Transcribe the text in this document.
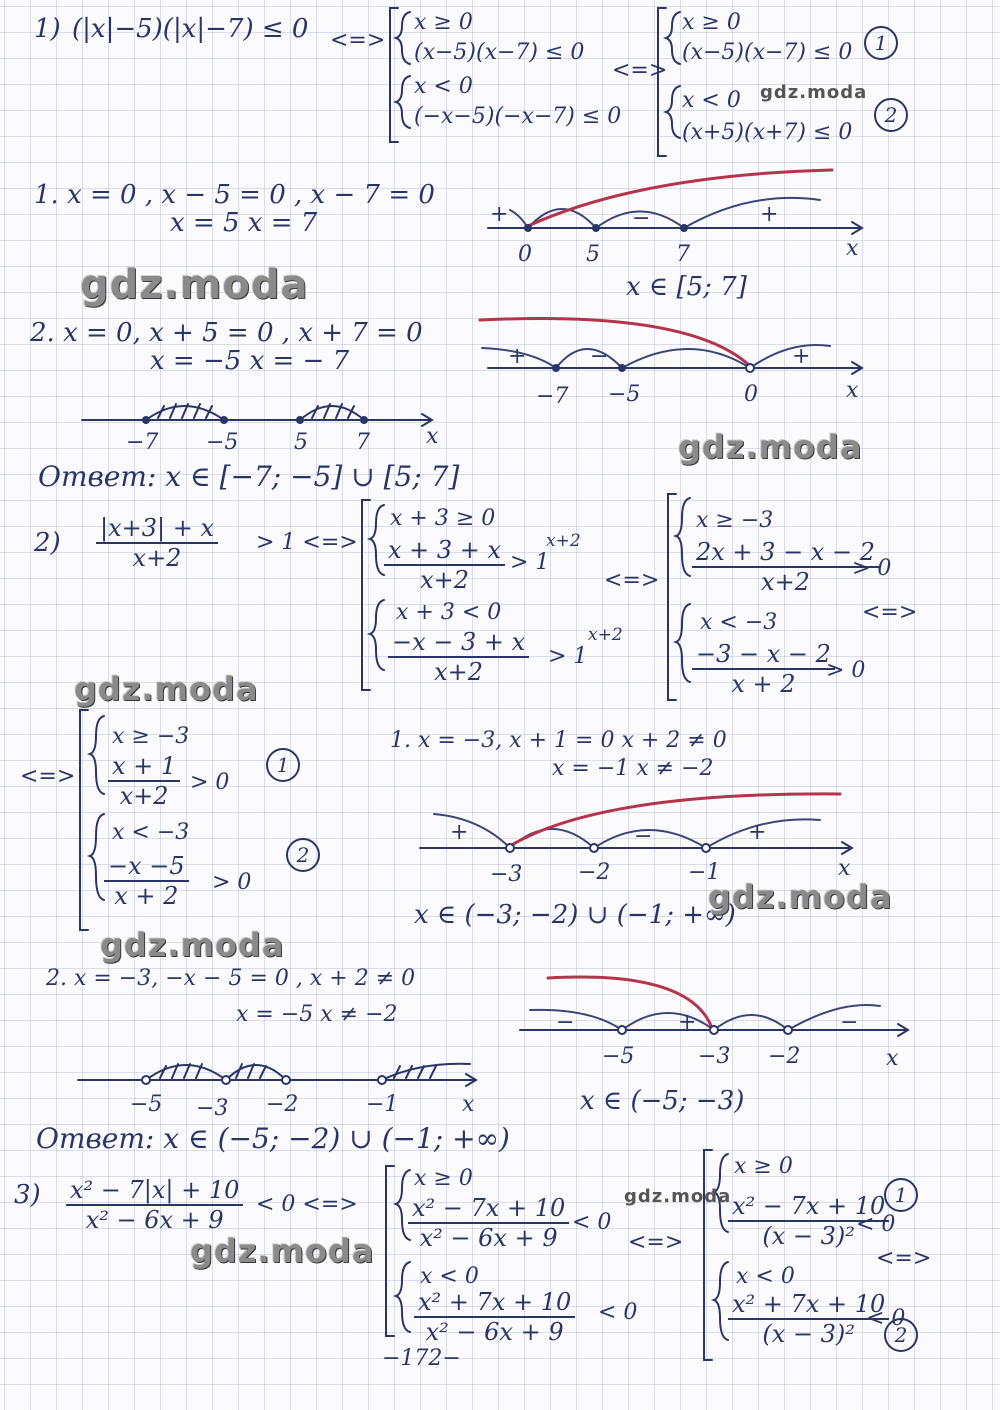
1) (|x|−5)(|x|−7) ≤ 0 <=>
x ≥ 0
(x−5)(x−7) ≤ 0
x < 0
(−x−5)(−x−7) ≤ 0
<=>
x ≥ 0
(x−5)(x−7) ≤ 0
x < 0
(x+5)(x+7) ≤ 0
1
2
gdz.moda
1. x = 0 , x − 5 = 0 , x − 7 = 0
x = 5 x = 7	+	−	+
0 5	7	x
x ∈ [5; 7]
gdz.moda
2. x = 0, x + 5 = 0 , x + 7 = 0
x = −5 x = − 7	+	−	+
−7 −5	0	x
−7 −5	5 7	x	gdz.moda
Ответ: x ∈ [−7; −5] ∪ [5; 7]
$2) \frac{|x+3| + x}{x+2} > 1$ <=>
x + 3 ≥ 0
$\frac{x + 3 + x}{x+2} > 1$
x+2
x + 3 < 0
$\frac{-x - 3 + x}{x+2} > 1$
x+2
<=>
x ≥ −3
$\frac{2x + 3 - x - 2}{x+2}$
> 0
x < −3
$\frac{-3 - x - 2}{x + 2}$
> 0
<=>
gdz.moda
<=>
x ≥ −3
$\frac{x + 1}{x+2} > 0$
1
x < −3
$\frac{-x -5}{x + 2} > 0$
2
1. x = −3, x + 1 = 0 x + 2 ≠ 0
x = −1 x ≠ −2
+	−	+
−3	−2	−1	x
x ∈ (−3; −2) ∪ (−1; +∞)
gdz.moda
gdz.moda
2. x = −3, −x − 5 = 0 , x + 2 ≠ 0
x = −5 x ≠ −2	−	+	−
−5	−3 −2	x
x ∈ (−5; −3)
−5 −3 −2	−1	x
Ответ: x ∈ (−5; −2) ∪ (−1; +∞)
$3) \frac{\text{x² − 7|x| + 10}}{\text{x² − 6x + 9}} < 0$ <=>
gdz.moda
x ≥ 0
$\frac{\text{x² − 7x + 10}}{\text{x² − 6x + 9}} < 0$
x < 0
$\frac{\text{x² + 7x + 10}}{\text{x² − 6x + 9}} < 0$
gdz.moda
<=>
x ≥ 0
$\frac{\text{x² − 7x + 10}}{\text{(x − 3)²}}$
< 0
1
<=>
x < 0
$\frac{\text{x² + 7x + 10}}{\text{(x − 3)²}}$
< 0
2
−172−
